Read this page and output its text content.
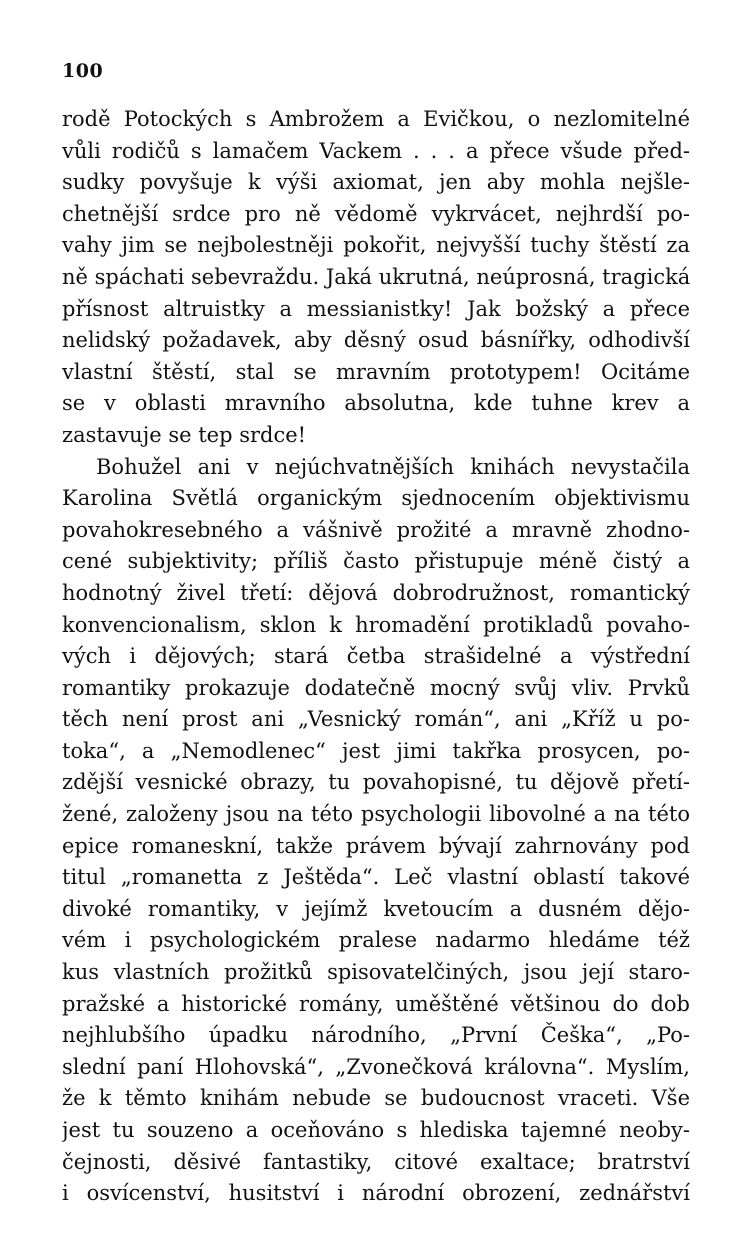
100
rodě Potockých s Ambrožem a Evičkou, o nezlomitelné
vůli rodičů s lamačem Vackem . . . a přece všude před-
sudky povyšuje k výši axiomat, jen aby mohla nejšle-
chetnější srdce pro ně vědomě vykrvácet, nejhrdší po-
vahy jim se nejbolestněji pokořit, nejvyšší tuchy štěstí za
ně spáchati sebevraždu. Jaká ukrutná, neúprosná, tragická
přísnost altruistky a messianistky! Jak božský a přece
nelidský požadavek, aby děsný osud básnířky, odhodivší
vlastní štěstí, stal se mravním prototypem! Ocitáme
se v oblasti mravního absolutna, kde tuhne krev a
zastavuje se tep srdce!
Bohužel ani v nejúchvatnějších knihách nevystačila
Karolina Světlá organickým sjednocením objektivismu
povahokresebného a vášnivě prožité a mravně zhodno-
cené subjektivity; příliš často přistupuje méně čistý a
hodnotný živel třetí: dějová dobrodružnost, romantický
konvencionalism, sklon k hromadění protikladů povaho-
vých i dějových; stará četba strašidelné a výstřední
romantiky prokazuje dodatečně mocný svůj vliv. Prvků
těch není prost ani „Vesnický román“, ani „Kříž u po-
toka“, a „Nemodlenec“ jest jimi takřka prosycen, po-
zdější vesnické obrazy, tu povahopisné, tu dějově přetí-
žené, založeny jsou na této psychologii libovolné a na této
epice romaneskní, takže právem bývají zahrnovány pod
titul „romanetta z Ještěda“. Leč vlastní oblastí takové
divoké romantiky, v jejímž kvetoucím a dusném dějo-
vém i psychologickém pralese nadarmo hledáme též
kus vlastních prožitků spisovatelčiných, jsou její staro-
pražské a historické romány, uměštěné většinou do dob
nejhlubšího úpadku národního, „První Češka“, „Po-
slední paní Hlohovská“, „Zvonečková královna“. Myslím,
že k těmto knihám nebude se budoucnost vraceti. Vše
jest tu souzeno a oceňováno s hlediska tajemné neoby-
čejnosti, děsivé fantastiky, citové exaltace; bratrství
i osvícenství, husitství i národní obrození, zednářství
